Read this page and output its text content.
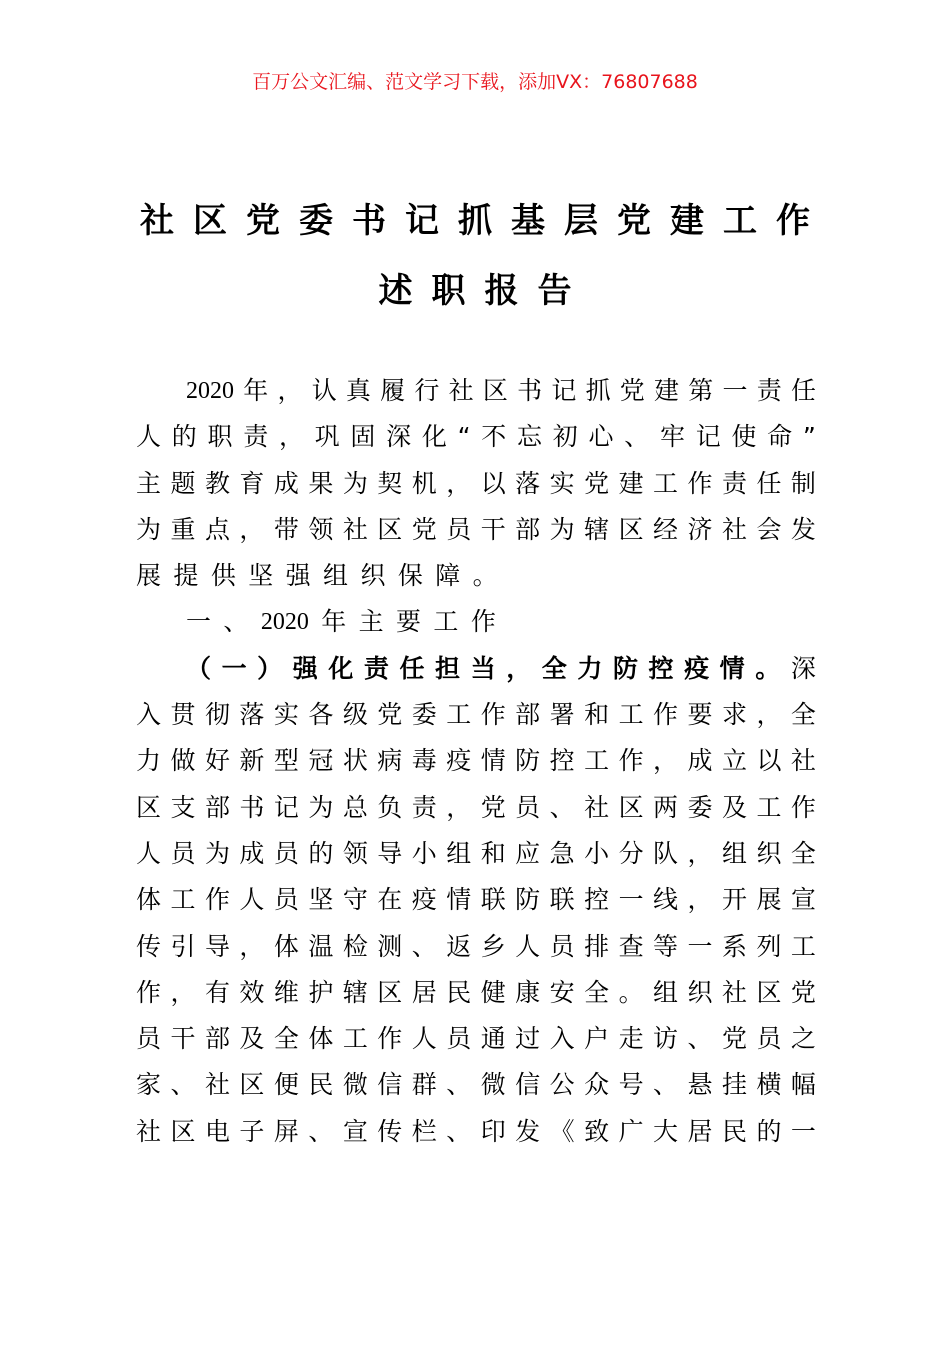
百万公文汇编、范文学习下载，添加VX：76807688
社区党委书记抓基层党建工作
述职报告
2020 年 ， 认 真 履 行 社 区 书 记 抓 党 建 第 一 责 任
人 的 职 责 ， 巩 固 深 化 “ 不 忘 初 心 、 牢 记 使 命 ”
主 题 教 育 成 果 为 契 机 ， 以 落 实 党 建 工 作 责 任 制
为 重 点 ， 带 领 社 区 党 员 干 部 为 辖 区 经 济 社 会 发
展 提 供 坚 强 组 织 保 障 。
一 、 2020 年 主 要 工 作
（ 一 ） 强 化 责 任 担 当 ， 全 力 防 控 疫 情 。 深
入 贯 彻 落 实 各 级 党 委 工 作 部 署 和 工 作 要 求 ， 全
力 做 好 新 型 冠 状 病 毒 疫 情 防 控 工 作 ， 成 立 以 社
区 支 部 书 记 为 总 负 责 ， 党 员 、 社 区 两 委 及 工 作
人 员 为 成 员 的 领 导 小 组 和 应 急 小 分 队 ， 组 织 全
体 工 作 人 员 坚 守 在 疫 情 联 防 联 控 一 线 ， 开 展 宣
传 引 导 ， 体 温 检 测 、 返 乡 人 员 排 查 等 一 系 列 工
作 ， 有 效 维 护 辖 区 居 民 健 康 安 全 。 组 织 社 区 党
员 干 部 及 全 体 工 作 人 员 通 过 入 户 走 访 、 党 员 之
家 、 社 区 便 民 微 信 群 、 微 信 公 众 号 、 悬 挂 横 幅
社 区 电 子 屏 、 宣 传 栏 、 印 发 《 致 广 大 居 民 的 一
